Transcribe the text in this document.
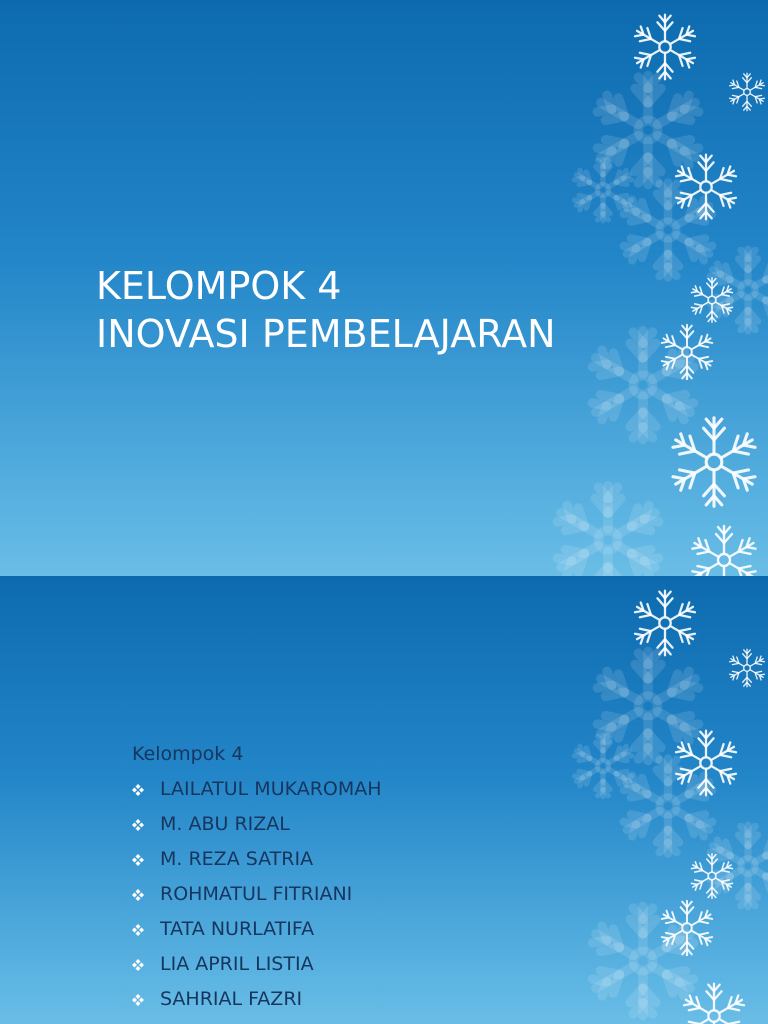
KELOMPOK 4
INOVASI PEMBELAJARAN
Kelompok 4
LAILATUL MUKAROMAH
M. ABU RIZAL
M. REZA SATRIA
ROHMATUL FITRIANI
TATA NURLATIFA
LIA APRIL LISTIA
SAHRIAL FAZRI
